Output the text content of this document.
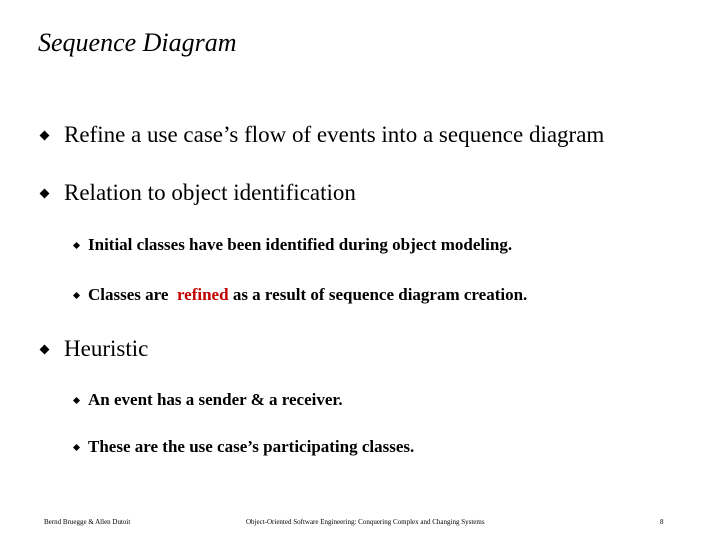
Sequence Diagram
Refine a use case’s flow of events into a sequence diagram
Relation to object identification
Initial classes have been identified during object modeling.
Classes are  refined as a result of sequence diagram creation.
Heuristic
An event has a sender & a receiver.
These are the use case’s participating classes.
Bernd Bruegge & Allen Dutoit	Object-Oriented Software Engineering: Conquering Complex and Changing Systems	8
